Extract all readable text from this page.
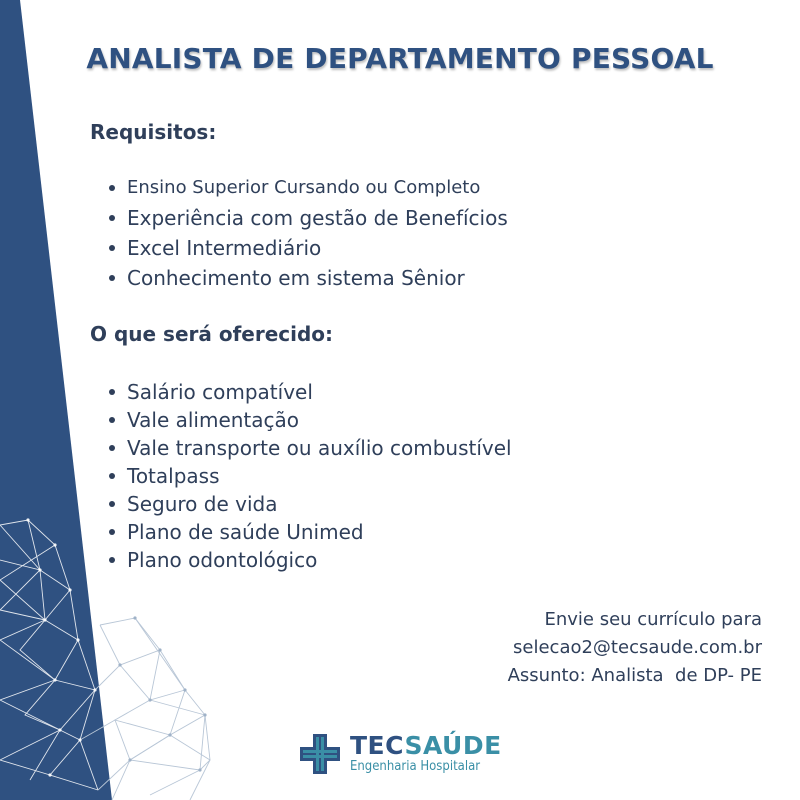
ANALISTA DE DEPARTAMENTO PESSOAL
Requisitos:
Ensino Superior Cursando ou Completo
Experiência com gestão de Benefícios
Excel Intermediário
Conhecimento em sistema Sênior
O que será oferecido:
Salário compatível
Vale alimentação
Vale transporte ou auxílio combustível
Totalpass
Seguro de vida
Plano de saúde Unimed
Plano odontológico
Envie seu currículo para
selecao2@tecsaude.com.br
Assunto: Analista  de DP- PE
TECSAÚDE
Engenharia Hospitalar
